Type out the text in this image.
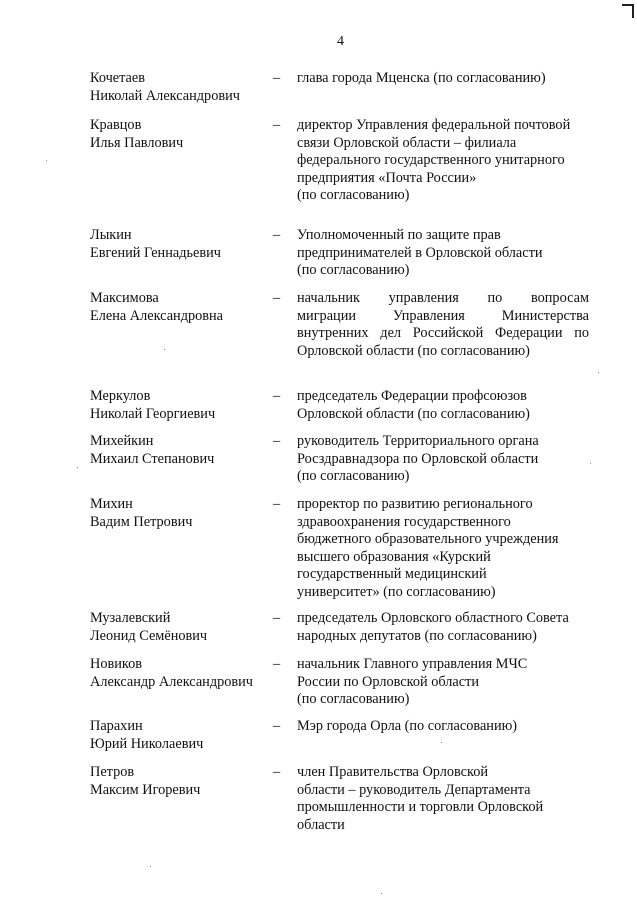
4
Кочетаев
Николай Александрович
– глава города Мценска (по согласованию)
Кравцов
Илья Павлович
– директор Управления федеральной почтовой
связи Орловской области – филиала
федерального государственного унитарного
предприятия «Почта России»
(по согласованию)
Лыкин
Евгений Геннадьевич
– Уполномоченный по защите прав
предпринимателей в Орловской области
(по согласованию)
Максимова
Елена Александровна
– начальник управления по вопросам
миграции Управления Министерства
внутренних дел Российской Федерации по
Орловской области (по согласованию)
Меркулов
Николай Георгиевич
– председатель Федерации профсоюзов
Орловской области (по согласованию)
Михейкин
Михаил Степанович
– руководитель Территориального органа
Росздравнадзора по Орловской области
(по согласованию)
Михин
Вадим Петрович
– проректор по развитию регионального
здравоохранения государственного
бюджетного образовательного учреждения
высшего образования «Курский
государственный медицинский
университет» (по согласованию)
Музалевский
Леонид Семёнович
– председатель Орловского областного Совета
народных депутатов (по согласованию)
Новиков
Александр Александрович
– начальник Главного управления МЧС
России по Орловской области
(по согласованию)
Парахин
Юрий Николаевич
– Мэр города Орла (по согласованию)
Петров
Максим Игоревич
– член Правительства Орловской
области – руководитель Департамента
промышленности и торговли Орловской
области
